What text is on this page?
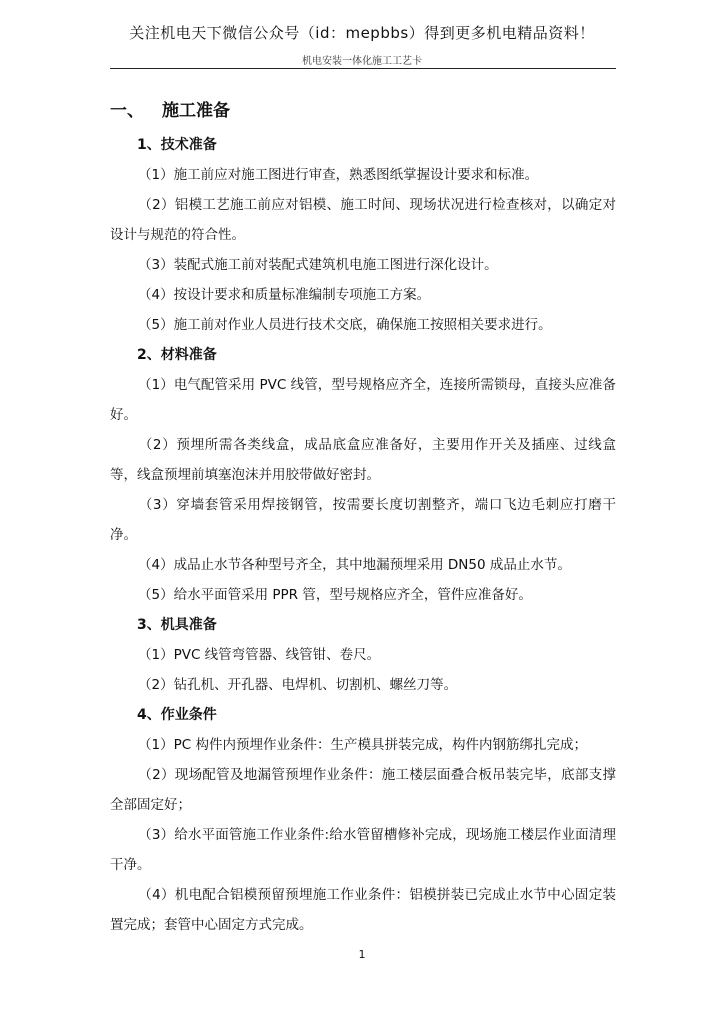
关注机电天下微信公众号（id：mepbbs）得到更多机电精品资料！
机电安装一体化施工工艺卡
一、 施工准备
1、技术准备
（1）施工前应对施工图进行审查，熟悉图纸掌握设计要求和标准。
（2）铝模工艺施工前应对铝模、施工时间、现场状况进行检查核对，以确定对设计与规范的符合性。
（3）装配式施工前对装配式建筑机电施工图进行深化设计。
（4）按设计要求和质量标准编制专项施工方案。
（5）施工前对作业人员进行技术交底，确保施工按照相关要求进行。
2、材料准备
（1）电气配管采用 PVC 线管，型号规格应齐全，连接所需锁母，直接头应准备好。
（2）预埋所需各类线盒，成品底盒应准备好，主要用作开关及插座、过线盒等，线盒预埋前填塞泡沫并用胶带做好密封。
（3）穿墙套管采用焊接钢管，按需要长度切割整齐，端口飞边毛刺应打磨干净。
（4）成品止水节各种型号齐全，其中地漏预埋采用 DN50 成品止水节。
（5）给水平面管采用 PPR 管，型号规格应齐全，管件应准备好。
3、机具准备
（1）PVC 线管弯管器、线管钳、卷尺。
（2）钻孔机、开孔器、电焊机、切割机、螺丝刀等。
4、作业条件
（1）PC 构件内预埋作业条件：生产模具拼装完成，构件内钢筋绑扎完成；
（2）现场配管及地漏管预埋作业条件：施工楼层面叠合板吊装完毕，底部支撑全部固定好；
（3）给水平面管施工作业条件:给水管留槽修补完成，现场施工楼层作业面清理干净。
（4）机电配合铝模预留预埋施工作业条件：铝模拼装已完成止水节中心固定装置完成；套管中心固定方式完成。
1
